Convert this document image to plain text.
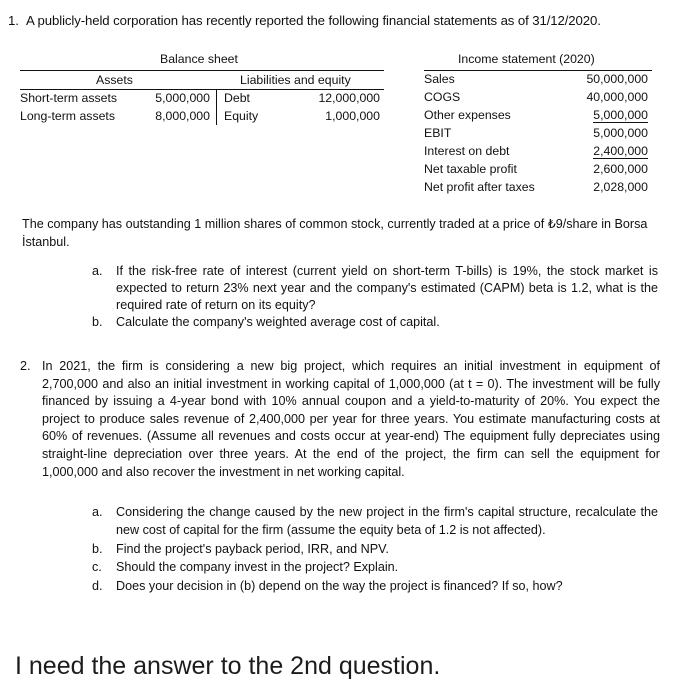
1. A publicly-held corporation has recently reported the following financial statements as of 31/12/2020.
Balance sheet
Assets	Liabilities and equity
Short-term assets	5,000,000 Debt	12,000,000
Long-term assets	8,000,000 Equity	1,000,000
Income statement (2020)
Sales	50,000,000
COGS	40,000,000
Other expenses	5,000,000
EBIT	5,000,000
Interest on debt	2,400,000
Net taxable profit	2,600,000
Net profit after taxes	2,028,000
The company has outstanding 1 million shares of common stock, currently traded at a price of ₺9/share in Borsa İstanbul.
a. If the risk-free rate of interest (current yield on short-term T-bills) is 19%, the stock market is expected to return 23% next year and the company's estimated (CAPM) beta is 1.2, what is the required rate of return on its equity?
b. Calculate the company's weighted average cost of capital.
2. In 2021, the firm is considering a new big project, which requires an initial investment in equipment of 2,700,000 and also an initial investment in working capital of 1,000,000 (at t = 0). The investment will be fully financed by issuing a 4-year bond with 10% annual coupon and a yield-to-maturity of 20%. You expect the project to produce sales revenue of 2,400,000 per year for three years. You estimate manufacturing costs at 60% of revenues. (Assume all revenues and costs occur at year-end) The equipment fully depreciates using straight-line depreciation over three years. At the end of the project, the firm can sell the equipment for 1,000,000 and also recover the investment in net working capital.
a. Considering the change caused by the new project in the firm's capital structure, recalculate the new cost of capital for the firm (assume the equity beta of 1.2 is not affected).
b. Find the project's payback period, IRR, and NPV.
c. Should the company invest in the project? Explain.
d. Does your decision in (b) depend on the way the project is financed? If so, how?
I need the answer to the 2nd question.
